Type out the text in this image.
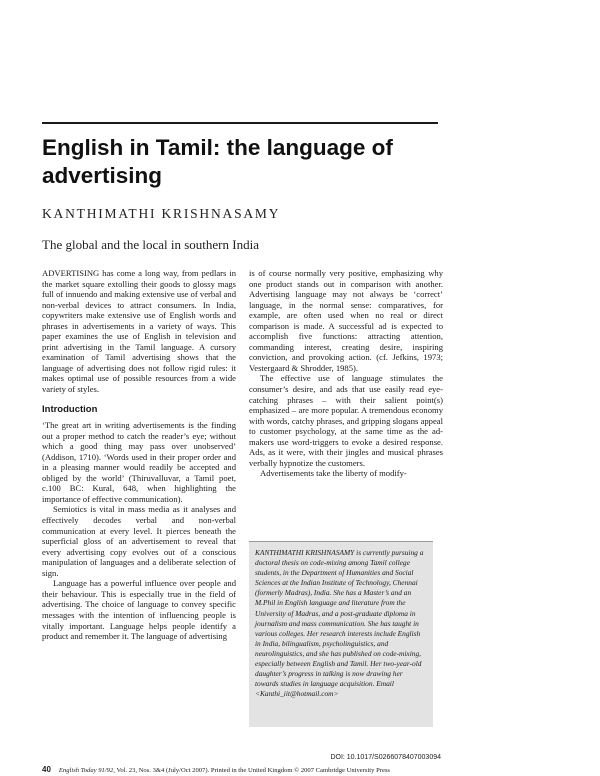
English in Tamil: the language of advertising

KANTHIMATHI KRISHNASAMY

The global and the local in southern India

ADVERTISING has come a long way, from pedlars in the market square extolling their goods to glossy mags full of innuendo and making extensive use of verbal and non-verbal devices to attract consumers. In India, copywriters make extensive use of English words and phrases in advertisements in a variety of ways. This paper examines the use of English in television and print advertising in the Tamil language. A cursory examination of Tamil advertising shows that the language of advertising does not follow rigid rules: it makes optimal use of possible resources from a wide variety of styles.

Introduction

‘The great art in writing advertisements is the finding out a proper method to catch the reader’s eye; without which a good thing may pass over unobserved’ (Addison, 1710). ‘Words used in their proper order and in a pleasing manner would readily be accepted and obliged by the world’ (Thiruvalluvar, a Tamil poet, c.100 BC: Kural, 648, when highlighting the importance of effective communication).

Semiotics is vital in mass media as it analyses and effectively decodes verbal and non-verbal communication at every level. It pierces beneath the superficial gloss of an advertisement to reveal that every advertising copy evolves out of a conscious manipulation of languages and a deliberate selection of sign.

Language has a powerful influence over people and their behaviour. This is especially true in the field of advertising. The choice of language to convey specific messages with the intention of influencing people is vitally important. Language helps people identify a product and remember it. The language of advertising

is of course normally very positive, emphasizing why one product stands out in comparison with another. Advertising language may not always be ‘correct’ language, in the normal sense: comparatives, for example, are often used when no real or direct comparison is made. A successful ad is expected to accomplish five functions: attracting attention, commanding interest, creating desire, inspiring conviction, and provoking action. (cf. Jefkins, 1973; Vestergaard & Shrodder, 1985).

The effective use of language stimulates the consumer’s desire, and ads that use easily read eye-catching phrases – with their salient point(s) emphasized – are more popular. A tremendous economy with words, catchy phrases, and gripping slogans appeal to customer psychology, at the same time as the ad-makers use word-triggers to evoke a desired response. Ads, as it were, with their jingles and musical phrases verbally hypnotize the customers.

Advertisements take the liberty of modify-

KANTHIMATHI KRISHNASAMY is currently pursuing a doctoral thesis on code-mixing among Tamil college students, in the Department of Humanities and Social Sciences at the Indian Institute of Technology, Chennai (formerly Madras), India. She has a Master’s and an M.Phil in English language and literature from the University of Madras, and a post-graduate diploma in journalism and mass communication. She has taught in various colleges. Her research interests include English in India, bilingualism, psycholinguistics, and neurolinguistics, and she has published on code-mixing, especially between English and Tamil. Her two-year-old daughter’s progress in talking is now drawing her towards studies in language acquisition. Email <Kanthi_iit@hotmail.com>

DOI: 10.1017/S0266078407003094
40 English Today 91/92, Vol. 23, Nos. 3&4 (July/Oct 2007). Printed in the United Kingdom © 2007 Cambridge University Press
